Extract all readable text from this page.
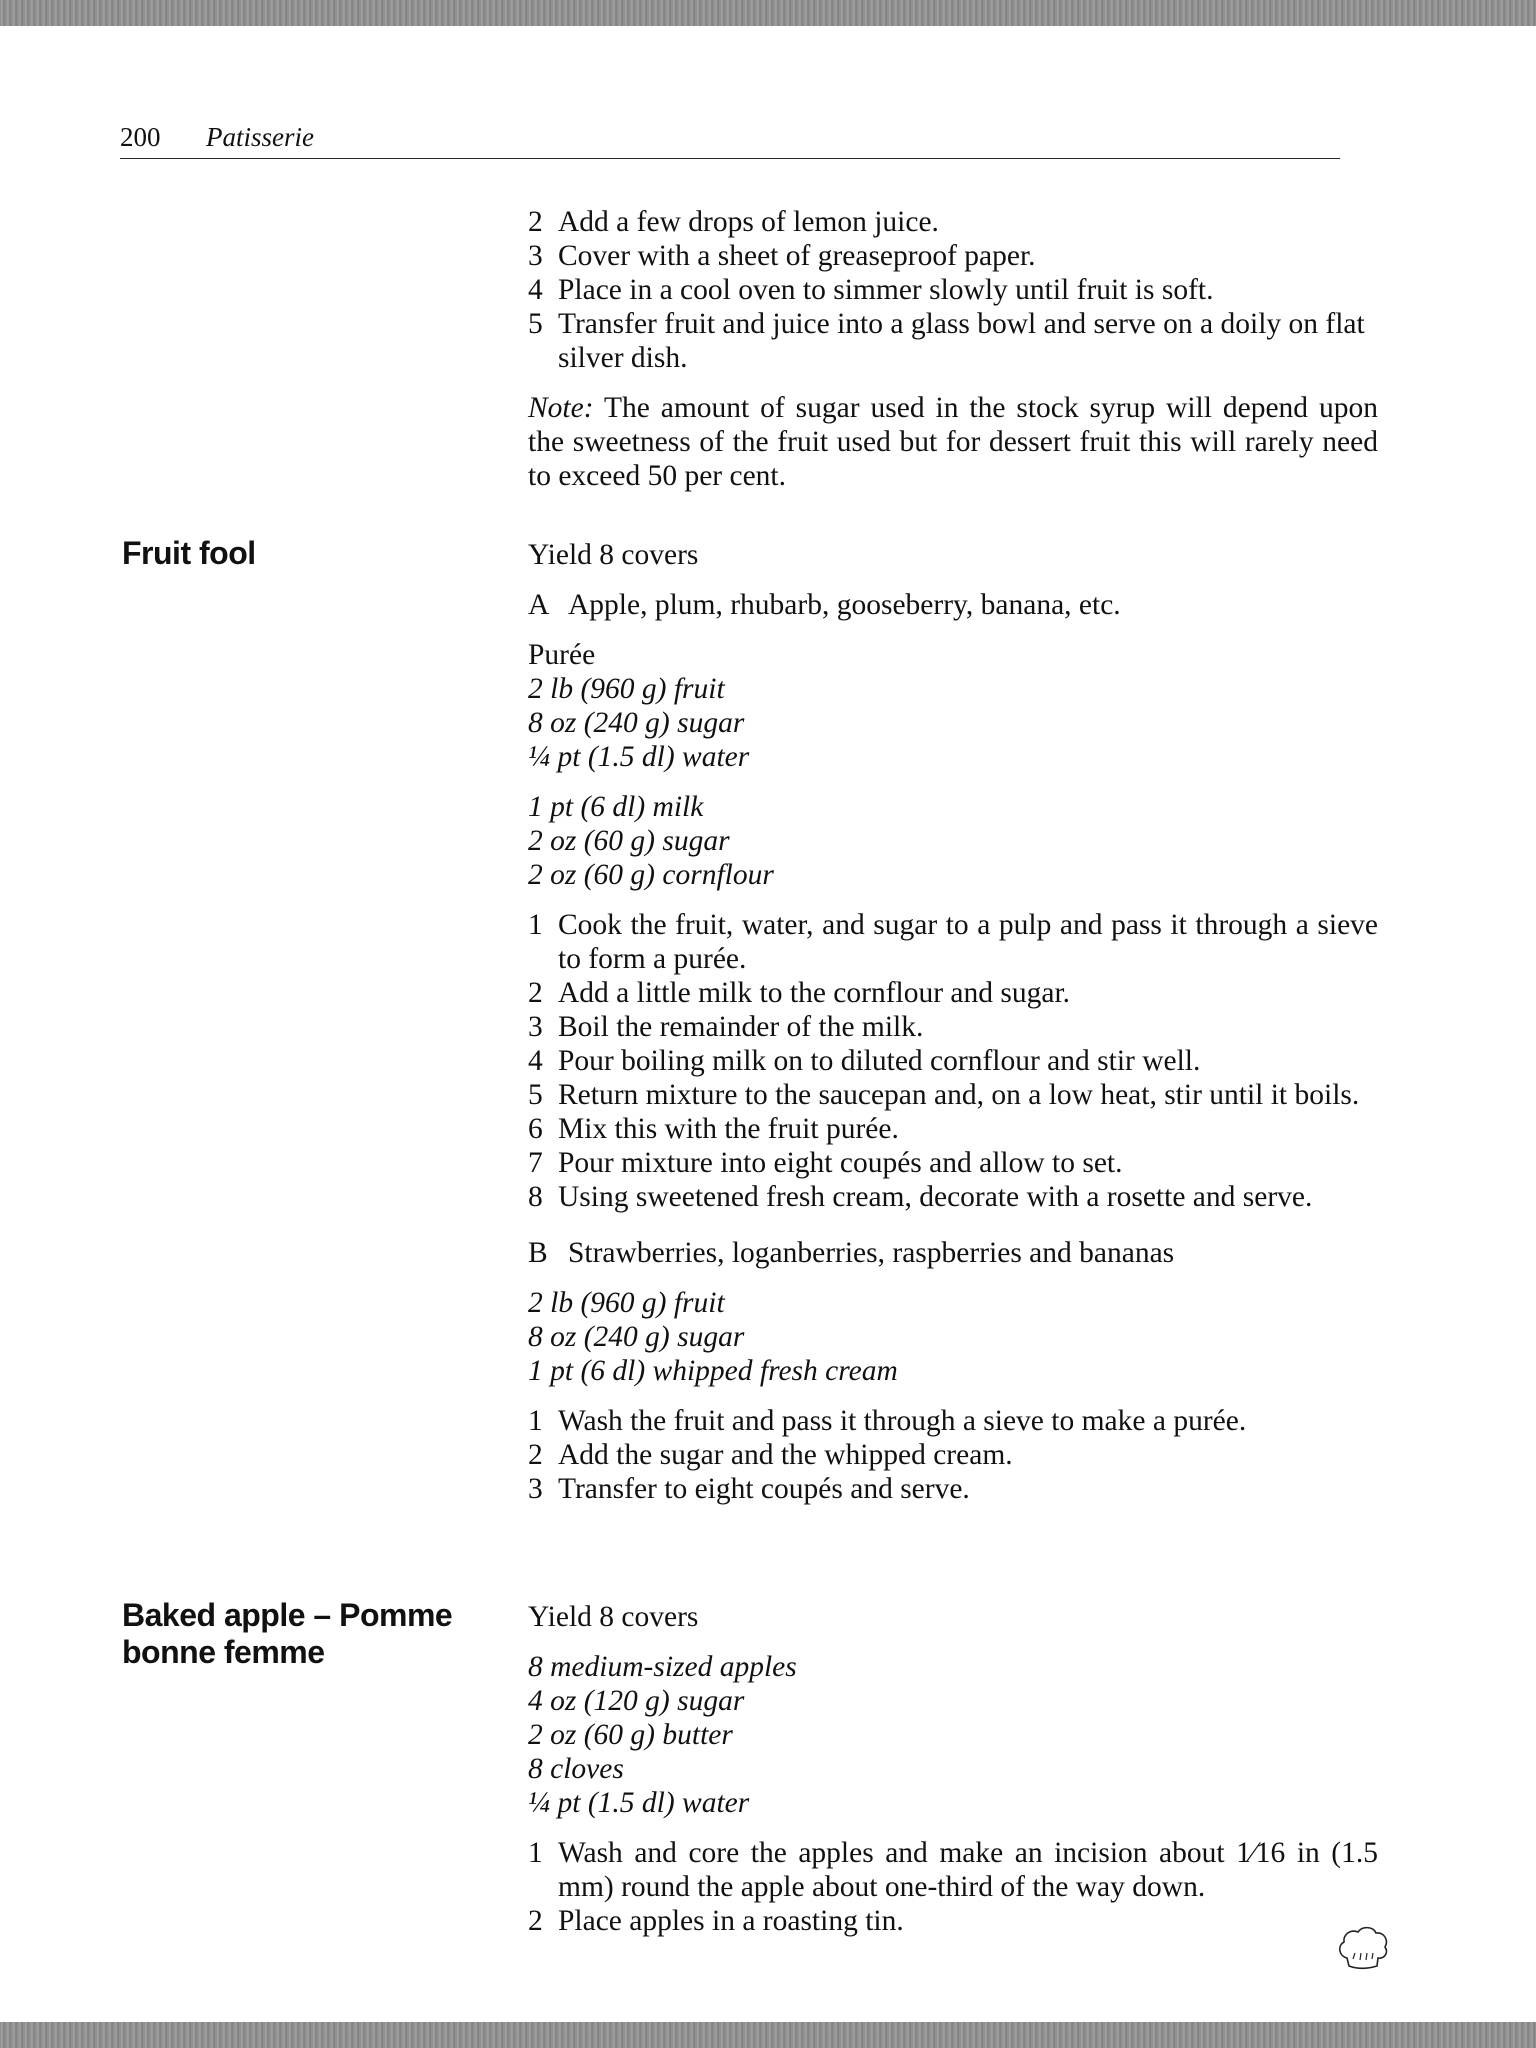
200 Patisserie
2 Add a few drops of lemon juice.
3 Cover with a sheet of greaseproof paper.
4 Place in a cool oven to simmer slowly until fruit is soft.
5 Transfer fruit and juice into a glass bowl and serve on a doily on flat silver dish.

Note: The amount of sugar used in the stock syrup will depend upon the sweetness of the fruit used but for dessert fruit this will rarely need to exceed 50 per cent.

Fruit fool	Yield 8 covers

A Apple, plum, rhubarb, gooseberry, banana, etc.

Purée

2 lb (960 g) fruit
8 oz (240 g) sugar
¼ pt (1.5 dl) water
1 pt (6 dl) milk
2 oz (60 g) sugar
2 oz (60 g) cornflour
1 Cook the fruit, water, and sugar to a pulp and pass it through a sieve to form a purée.
2 Add a little milk to the cornflour and sugar.
3 Boil the remainder of the milk.
4 Pour boiling milk on to diluted cornflour and stir well.
5 Return mixture to the saucepan and, on a low heat, stir until it boils.
6 Mix this with the fruit purée.
7 Pour mixture into eight coupés and allow to set.
8 Using sweetened fresh cream, decorate with a rosette and serve.

B Strawberries, loganberries, raspberries and bananas

2 lb (960 g) fruit
8 oz (240 g) sugar
1 pt (6 dl) whipped fresh cream
1 Wash the fruit and pass it through a sieve to make a purée.
2 Add the sugar and the whipped cream.
3 Transfer to eight coupés and serve.
Baked apple – Pomme
bonne femme

Yield 8 covers

8 medium-sized apples
4 oz (120 g) sugar
2 oz (60 g) butter
8 cloves
¼ pt (1.5 dl) water
1 Wash and core the apples and make an incision about 1⁄16 in (1.5 mm) round the apple about one-third of the way down.
2 Place apples in a roasting tin.
